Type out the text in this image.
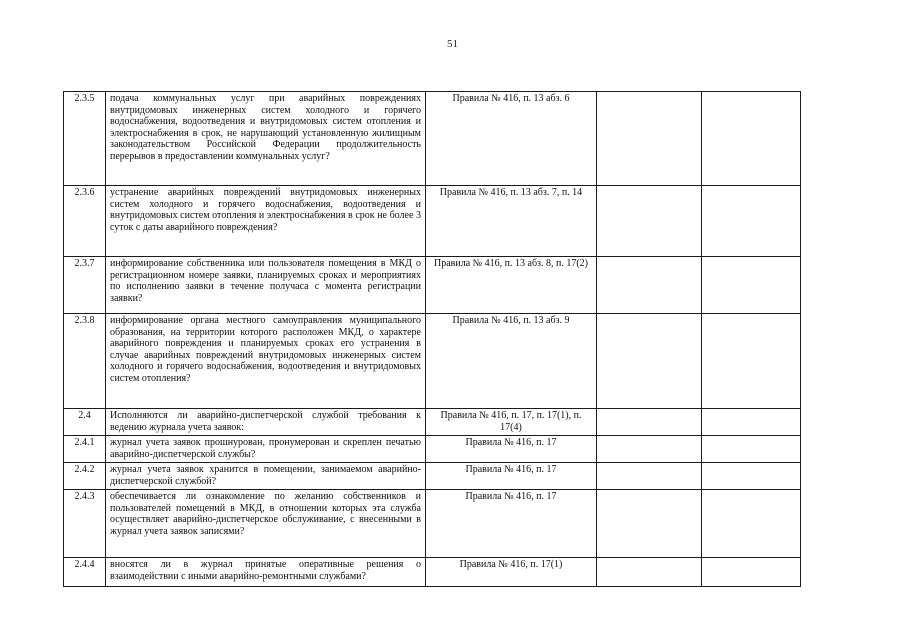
51
2.3.5	подача коммунальных услуг при аварийных повреждениях внутридомовых инженерных систем холодного и горячего водоснабжения, водоотведения и внутридомовых систем отопления и электроснабжения в срок, не нарушающий установленную жилищным законодательством Российской Федерации продолжительность перерывов в предоставлении коммунальных услуг?	Правила № 416, п. 13 абз. 6		
2.3.6	устранение аварийных повреждений внутридомовых инженерных систем холодного и горячего водоснабжения, водоотведения и внутридомовых систем отопления и электроснабжения в срок не более 3 суток с даты аварийного повреждения?	Правила № 416, п. 13 абз. 7, п. 14		
2.3.7	информирование собственника или пользователя помещения в МКД о регистрационном номере заявки, планируемых сроках и мероприятиях по исполнению заявки в течение получаса с момента регистрации заявки?	Правила № 416, п. 13 абз. 8, п. 17(2)		
2.3.8	информирование органа местного самоуправления муниципального образования, на территории которого расположен МКД, о характере аварийного повреждения и планируемых сроках его устранения в случае аварийных повреждений внутридомовых инженерных систем холодного и горячего водоснабжения, водоотведения и внутридомовых систем отопления?	Правила № 416, п. 13 абз. 9		
2.4	Исполняются ли аварийно-диспетчерской службой требования к ведению журнала учета заявок:	Правила № 416, п. 17, п. 17(1), п. 17(4)		
2.4.1	журнал учета заявок прошнурован, пронумерован и скреплен печатью аварийно-диспетчерской службы?	Правила № 416, п. 17		
2.4.2	журнал учета заявок хранится в помещении, занимаемом аварийно-диспетчерской службой?	Правила № 416, п. 17		
2.4.3	обеспечивается ли ознакомление по желанию собственников и пользователей помещений в МКД, в отношении которых эта служба осуществляет аварийно-диспетчерское обслуживание, с внесенными в журнал учета заявок записями?	Правила № 416, п. 17		
2.4.4	вносятся ли в журнал принятые оперативные решения о взаимодействии с иными аварийно-ремонтными службами?	Правила № 416, п. 17(1)		
